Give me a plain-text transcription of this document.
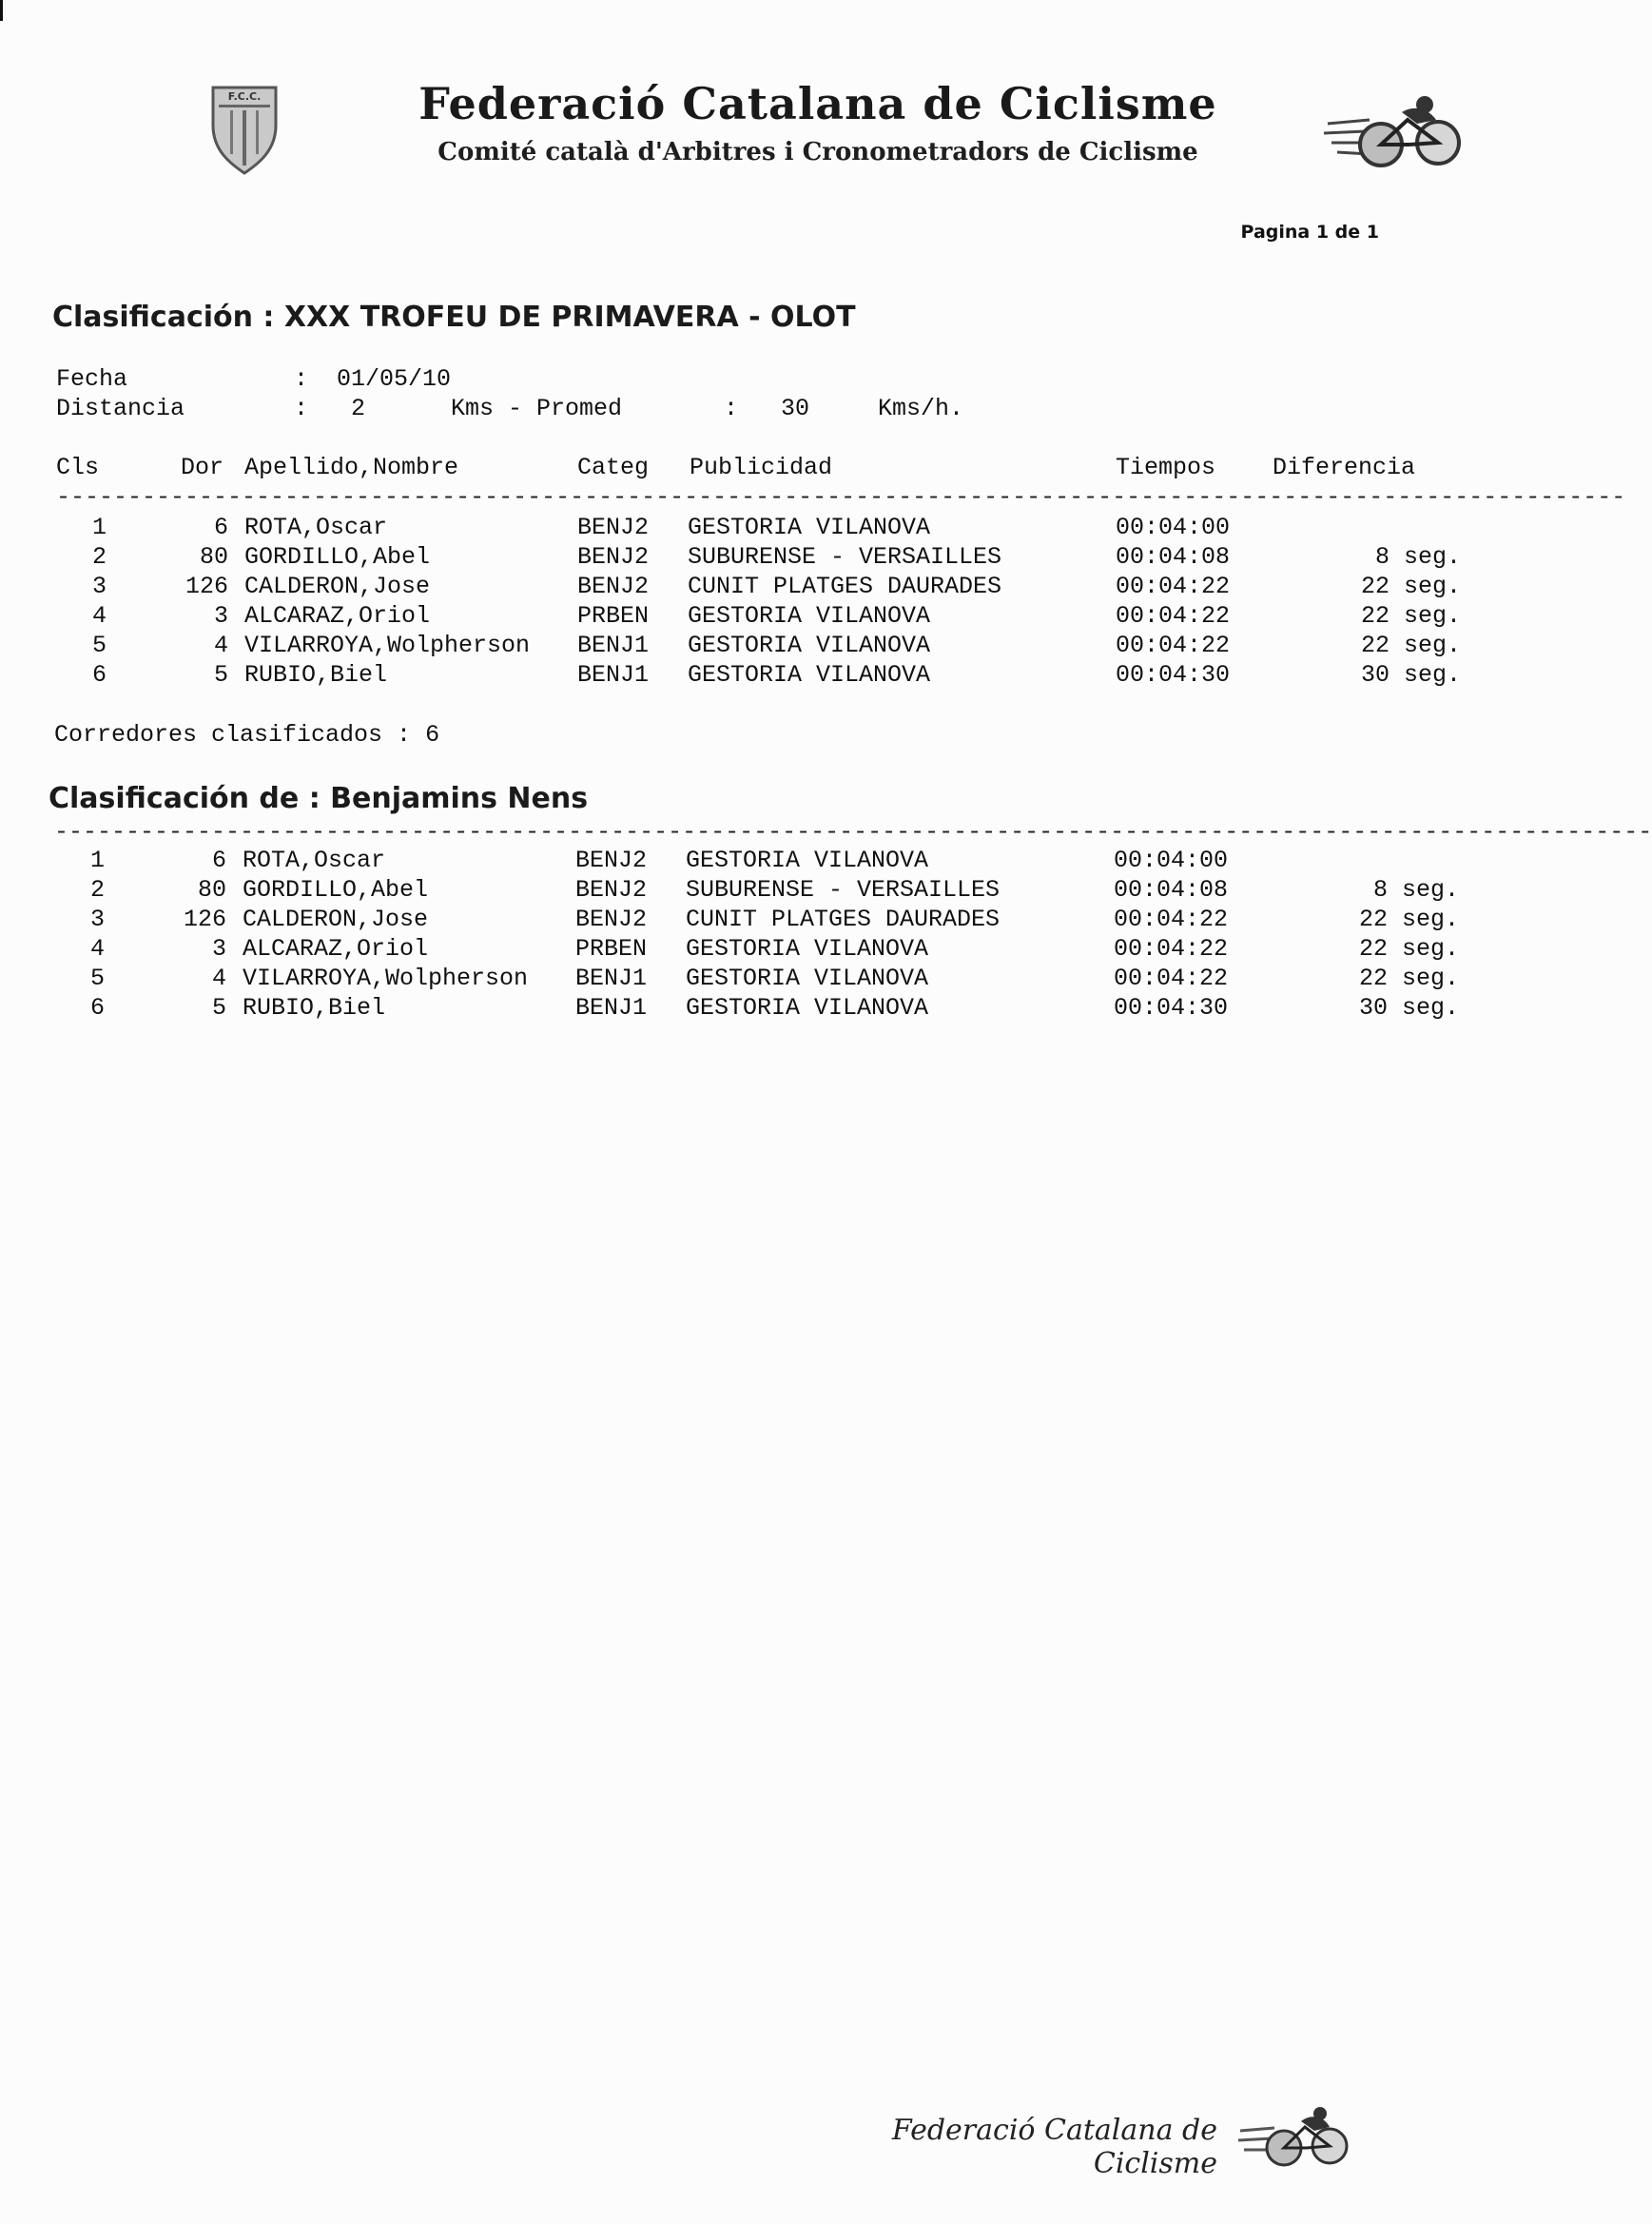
F.C.C.	Federació Catalana de Ciclisme
Comité català d'Arbitres i Cronometradors de Ciclisme
Pagina 1 de 1
Clasificación : XXX TROFEU DE PRIMAVERA - OLOT
Fecha	:  01/05/10
Distancia	:   2	Kms - Promed	:   30	Kms/h.
Cls	Dor Apellido,Nombre	Categ Publicidad	Tiempos Diferencia
--------------------------------------------------------------------------------------------------------------
1	6 ROTA,Oscar	BENJ2	GESTORIA VILANOVA	00:04:00
2	80 GORDILLO,Abel	BENJ2	SUBURENSE - VERSAILLES	00:04:08	8 seg.
3	126 CALDERON,Jose	BENJ2	CUNIT PLATGES DAURADES	00:04:22	22 seg.
4	3 ALCARAZ,Oriol	PRBEN	GESTORIA VILANOVA	00:04:22	22 seg.
5	4 VILARROYA,Wolpherson	BENJ1	GESTORIA VILANOVA	00:04:22	22 seg.
6	5 RUBIO,Biel	BENJ1	GESTORIA VILANOVA	00:04:30	30 seg.
Corredores clasificados : 6
Clasificación de : Benjamins Nens
----------------------------------------------------------------------------------------------------------------
1	6 ROTA,Oscar	BENJ2	GESTORIA VILANOVA	00:04:00
2	80 GORDILLO,Abel	BENJ2	SUBURENSE - VERSAILLES	00:04:08	8 seg.
3	126 CALDERON,Jose	BENJ2	CUNIT PLATGES DAURADES	00:04:22	22 seg.
4	3 ALCARAZ,Oriol	PRBEN	GESTORIA VILANOVA	00:04:22	22 seg.
5	4 VILARROYA,Wolpherson	BENJ1	GESTORIA VILANOVA	00:04:22	22 seg.
6	5 RUBIO,Biel	BENJ1	GESTORIA VILANOVA	00:04:30	30 seg.
Federació Catalana de Ciclisme
